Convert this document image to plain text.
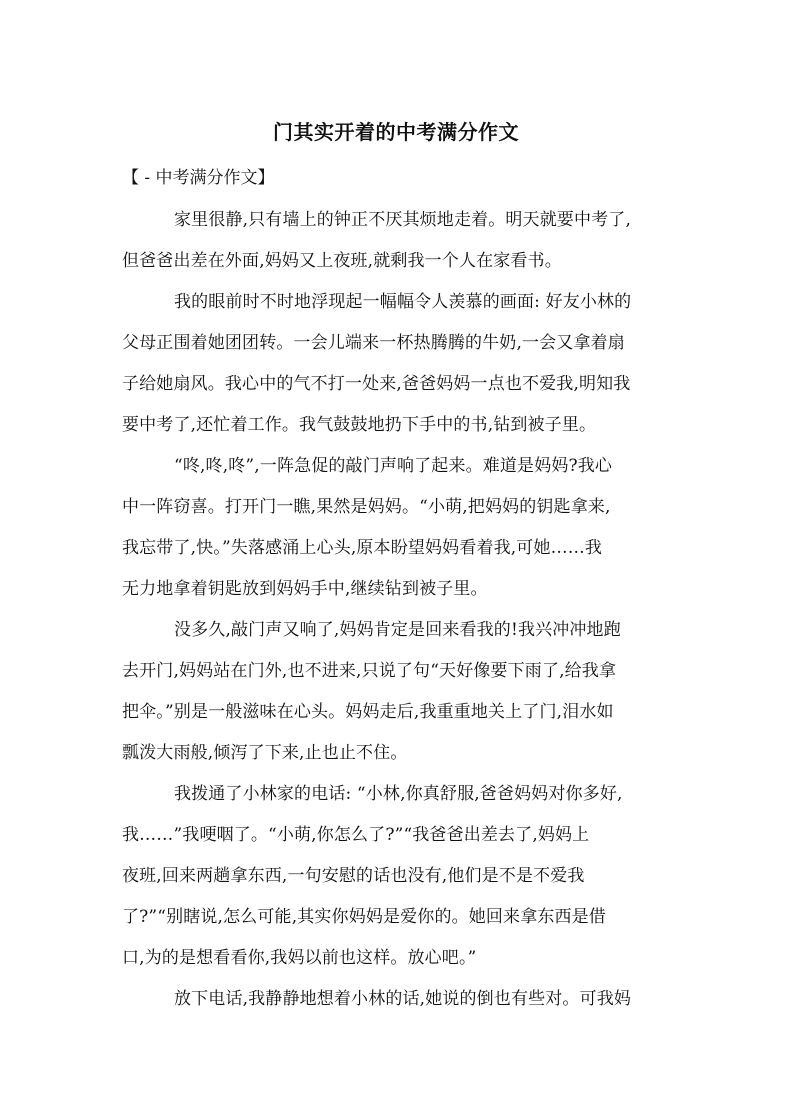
门其实开着的中考满分作文
【 - 中考满分作文】
家里很静,只有墙上的钟正不厌其烦地走着。明天就要中考了,
但爸爸出差在外面,妈妈又上夜班,就剩我一个人在家看书。
我的眼前时不时地浮现起一幅幅令人羡慕的画面: 好友小林的
父母正围着她团团转。一会儿端来一杯热腾腾的牛奶,一会又拿着扇
子给她扇风。我心中的气不打一处来,爸爸妈妈一点也不爱我,明知我
要中考了,还忙着工作。我气鼓鼓地扔下手中的书,钻到被子里。
“咚,咚,咚”,一阵急促的敲门声响了起来。难道是妈妈?我心
中一阵窃喜。打开门一瞧,果然是妈妈。“小萌,把妈妈的钥匙拿来,
我忘带了,快。”失落感涌上心头,原本盼望妈妈看着我,可她……我
无力地拿着钥匙放到妈妈手中,继续钻到被子里。
没多久,敲门声又响了,妈妈肯定是回来看我的!我兴冲冲地跑
去开门,妈妈站在门外,也不进来,只说了句“天好像要下雨了,给我拿
把伞。”别是一般滋味在心头。妈妈走后,我重重地关上了门,泪水如
瓢泼大雨般,倾泻了下来,止也止不住。
我拨通了小林家的电话: “小林,你真舒服,爸爸妈妈对你多好,
我……”我哽咽了。“小萌,你怎么了?”“我爸爸出差去了,妈妈上
夜班,回来两趟拿东西,一句安慰的话也没有,他们是不是不爱我
了?”“别瞎说,怎么可能,其实你妈妈是爱你的。她回来拿东西是借
口,为的是想看看你,我妈以前也这样。放心吧。”
放下电话,我静静地想着小林的话,她说的倒也有些对。可我妈
